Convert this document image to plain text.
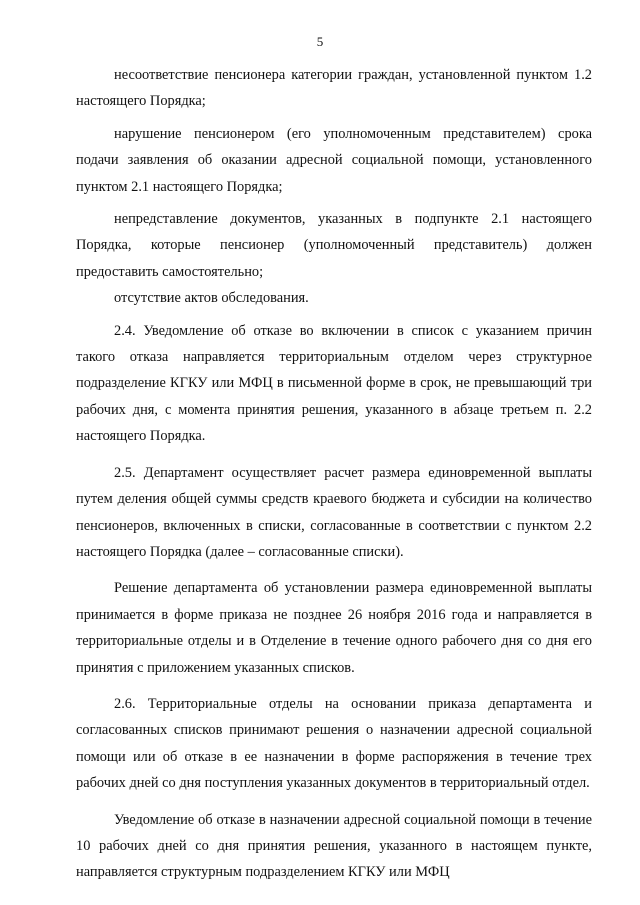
5

несоответствие пенсионера категории граждан, установленной пунктом 1.2 настоящего Порядка;

нарушение пенсионером (его уполномоченным представителем) срока подачи заявления об оказании адресной социальной помощи, установленного пунктом 2.1 настоящего Порядка;

непредставление документов, указанных в подпункте 2.1 настоящего Порядка, которые пенсионер (уполномоченный представитель) должен предоставить самостоятельно;

отсутствие актов обследования.

2.4. Уведомление об отказе во включении в список с указанием причин такого отказа направляется территориальным отделом через структурное подразделение КГКУ или МФЦ в письменной форме в срок, не превышающий три рабочих дня, с момента принятия решения, указанного в абзаце третьем п. 2.2 настоящего Порядка.

2.5. Департамент осуществляет расчет размера единовременной выплаты путем деления общей суммы средств краевого бюджета и субсидии на количество пенсионеров, включенных в списки, согласованные в соответствии с пунктом 2.2 настоящего Порядка (далее – согласованные списки).

Решение департамента об установлении размера единовременной выплаты принимается в форме приказа не позднее 26 ноября 2016 года и направляется в территориальные отделы и в Отделение в течение одного рабочего дня со дня его принятия с приложением указанных списков.

2.6. Территориальные отделы на основании приказа департамента и согласованных списков принимают решения о назначении адресной социальной помощи или об отказе в ее назначении в форме распоряжения в течение трех рабочих дней со дня поступления указанных документов в территориальный отдел.

Уведомление об отказе в назначении адресной социальной помощи в течение 10 рабочих дней со дня принятия решения, указанного в настоящем пункте, направляется структурным подразделением КГКУ или МФЦ
